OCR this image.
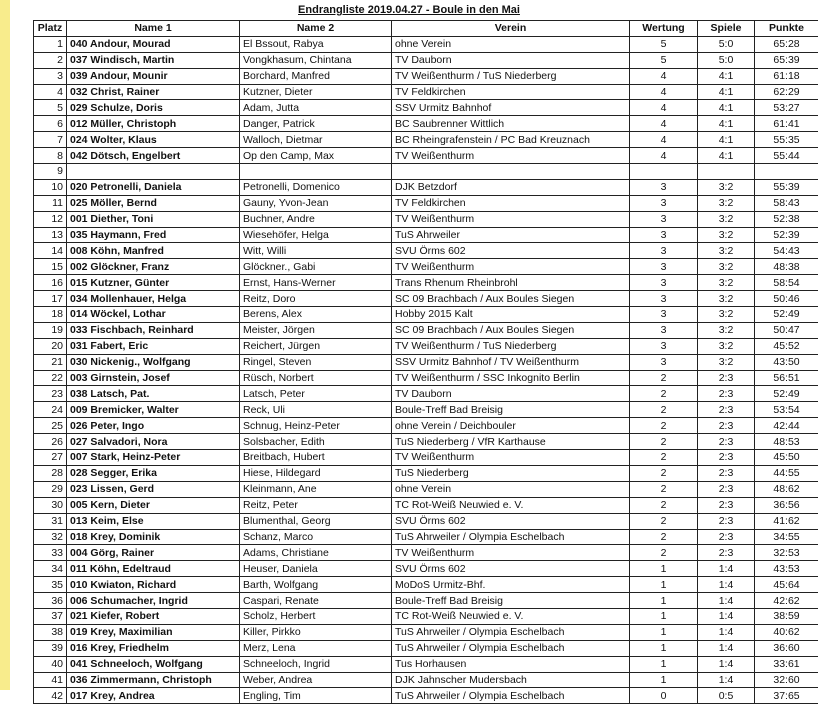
Endrangliste 2019.04.27 - Boule in den Mai
Platz	Name 1	Name 2	Verein	Wertung	Spiele	Punkte
1	040 Andour, Mourad	El Bssout, Rabya	ohne Verein	5	5:0	65:28
2	037 Windisch, Martin	Vongkhasum, Chintana	TV Dauborn	5	5:0	65:39
3	039 Andour, Mounir	Borchard, Manfred	TV Weißenthurm / TuS Niederberg	4	4:1	61:18
4	032 Christ, Rainer	Kutzner, Dieter	TV Feldkirchen	4	4:1	62:29
5	029 Schulze, Doris	Adam, Jutta	SSV Urmitz Bahnhof	4	4:1	53:27
6	012 Müller, Christoph	Danger, Patrick	BC Saubrenner Wittlich	4	4:1	61:41
7	024 Wolter, Klaus	Walloch, Dietmar	BC Rheingrafenstein / PC Bad Kreuznach	4	4:1	55:35
8	042 Dötsch, Engelbert	Op den Camp, Max	TV Weißenthurm	4	4:1	55:44
9						
10	020 Petronelli, Daniela	Petronelli, Domenico	DJK Betzdorf	3	3:2	55:39
11	025 Möller, Bernd	Gauny, Yvon-Jean	TV Feldkirchen	3	3:2	58:43
12	001 Diether, Toni	Buchner, Andre	TV Weißenthurm	3	3:2	52:38
13	035 Haymann, Fred	Wiesehöfer, Helga	TuS Ahrweiler	3	3:2	52:39
14	008 Köhn, Manfred	Witt, Willi	SVU Örms 602	3	3:2	54:43
15	002 Glöckner, Franz	Glöckner., Gabi	TV Weißenthurm	3	3:2	48:38
16	015 Kutzner, Günter	Ernst, Hans-Werner	Trans Rhenum Rheinbrohl	3	3:2	58:54
17	034 Mollenhauer, Helga	Reitz, Doro	SC 09 Brachbach / Aux Boules Siegen	3	3:2	50:46
18	014 Wöckel, Lothar	Berens, Alex	Hobby 2015 Kalt	3	3:2	52:49
19	033 Fischbach, Reinhard	Meister, Jörgen	SC 09 Brachbach / Aux Boules Siegen	3	3:2	50:47
20	031 Fabert, Eric	Reichert, Jürgen	TV Weißenthurm / TuS Niederberg	3	3:2	45:52
21	030 Nickenig., Wolfgang	Ringel, Steven	SSV Urmitz Bahnhof / TV Weißenthurm	3	3:2	43:50
22	003 Girnstein, Josef	Rüsch, Norbert	TV Weißenthurm / SSC Inkognito Berlin	2	2:3	56:51
23	038 Latsch, Pat.	Latsch, Peter	TV Dauborn	2	2:3	52:49
24	009 Bremicker, Walter	Reck, Uli	Boule-Treff Bad Breisig	2	2:3	53:54
25	026 Peter, Ingo	Schnug, Heinz-Peter	ohne Verein / Deichbouler	2	2:3	42:44
26	027 Salvadori, Nora	Solsbacher, Edith	TuS Niederberg / VfR Karthause	2	2:3	48:53
27	007 Stark, Heinz-Peter	Breitbach, Hubert	TV Weißenthurm	2	2:3	45:50
28	028 Segger, Erika	Hiese, Hildegard	TuS Niederberg	2	2:3	44:55
29	023 Lissen, Gerd	Kleinmann, Ane	ohne Verein	2	2:3	48:62
30	005 Kern, Dieter	Reitz, Peter	TC Rot-Weiß Neuwied e. V.	2	2:3	36:56
31	013 Keim, Else	Blumenthal, Georg	SVU Örms 602	2	2:3	41:62
32	018 Krey, Dominik	Schanz, Marco	TuS Ahrweiler / Olympia Eschelbach	2	2:3	34:55
33	004 Görg, Rainer	Adams, Christiane	TV Weißenthurm	2	2:3	32:53
34	011 Köhn, Edeltraud	Heuser, Daniela	SVU Örms 602	1	1:4	43:53
35	010 Kwiaton, Richard	Barth, Wolfgang	MoDoS Urmitz-Bhf.	1	1:4	45:64
36	006 Schumacher, Ingrid	Caspari, Renate	Boule-Treff Bad Breisig	1	1:4	42:62
37	021 Kiefer, Robert	Scholz, Herbert	TC Rot-Weiß Neuwied e. V.	1	1:4	38:59
38	019 Krey, Maximilian	Killer, Pirkko	TuS Ahrweiler / Olympia Eschelbach	1	1:4	40:62
39	016 Krey, Friedhelm	Merz, Lena	TuS Ahrweiler / Olympia Eschelbach	1	1:4	36:60
40	041 Schneeloch, Wolfgang	Schneeloch, Ingrid	Tus Horhausen	1	1:4	33:61
41	036 Zimmermann, Christoph	Weber, Andrea	DJK Jahnscher Mudersbach	1	1:4	32:60
42	017 Krey, Andrea	Engling, Tim	TuS Ahrweiler / Olympia Eschelbach	0	0:5	37:65
